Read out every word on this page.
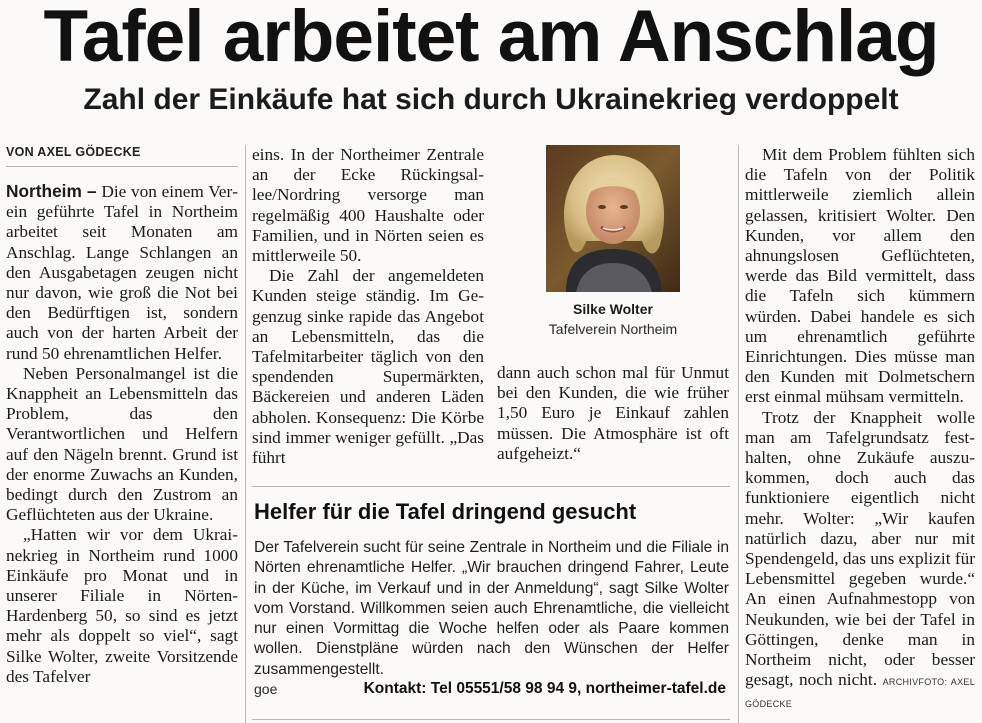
Tafel arbeitet am Anschlag
Zahl der Einkäufe hat sich durch Ukrainekrieg verdoppelt
VON AXEL GÖDECKE

Northeim – Die von einem Verein geführte Tafel in Northeim arbeitet seit Monaten am Anschlag. Lange Schlangen an den Ausgabetagen zeugen nicht nur davon, wie groß die Not bei den Bedürftigen ist, sondern auch von der harten Arbeit der rund 50 ehrenamtlichen Helfer.

Neben Personalmangel ist die Knappheit an Lebensmitteln das Problem, das den Verantwortlichen und Helfern auf den Nägeln brennt. Grund ist der enorme Zuwachs an Kunden, bedingt durch den Zustrom an Geflüchteten aus der Ukraine.

„Hatten wir vor dem Ukrainekrieg in Northeim rund 1000 Einkäufe pro Monat und in unserer Filiale in Nörten-Hardenberg 50, so sind es jetzt mehr als doppelt so viel“, sagt Silke Wolter, zweite Vorsitzende des Tafelver

eins. In der Northeimer Zentrale an der Ecke Rückingsallee/Nordring versorge man regelmäßig 400 Haushalte oder Familien, und in Nörten seien es mittlerweile 50.

Die Zahl der angemeldeten Kunden steige ständig. Im Gegenzug sinke rapide das Angebot an Lebensmitteln, das die Tafelmitarbeiter täglich von den spendenden Supermärkten, Bäckereien und anderen Läden abholen. Konsequenz: Die Körbe sind immer weniger gefüllt. „Das führt

Silke Wolter
Tafelverein Northeim

dann auch schon mal für Unmut bei den Kunden, die wie früher 1,50 Euro je Einkauf zahlen müssen. Die Atmosphäre ist oft aufgeheizt.“

Helfer für die Tafel dringend gesucht
Der Tafelverein sucht für seine Zentrale in Northeim und die Filiale in Nörten ehrenamtliche Helfer. „Wir brauchen dringend Fahrer, Leute in der Küche, im Verkauf und in der Anmeldung“, sagt Silke Wolter vom Vorstand. Willkommen seien auch Ehrenamtliche, die vielleicht nur einen Vormittag die Woche helfen oder als Paare kommen wollen. Dienstpläne würden nach den Wünschen der Helfer zusammengestellt.
goe	Kontakt: Tel 05551/58 98 94 9, northeimer-tafel.de

Mit dem Problem fühlten sich die Tafeln von der Politik mittlerweile ziemlich allein gelassen, kritisiert Wolter. Den Kunden, vor allem den ahnungslosen Geflüchteten, werde das Bild vermittelt, dass die Tafeln sich kümmern würden. Dabei handele es sich um ehrenamtlich geführte Einrichtungen. Dies müsse man den Kunden mit Dolmetschern erst einmal mühsam vermitteln.

Trotz der Knappheit wolle man am Tafelgrundsatz festhalten, ohne Zukäufe auszukommen, doch auch das funktioniere eigentlich nicht mehr. Wolter: „Wir kaufen natürlich dazu, aber nur mit Spendengeld, das uns explizit für Lebensmittel gegeben wurde.“ An einen Aufnahmestopp von Neukunden, wie bei der Tafel in Göttingen, denke man in Northeim nicht, oder besser gesagt, noch nicht. ARCHIVFOTO: AXEL GÖDECKE
